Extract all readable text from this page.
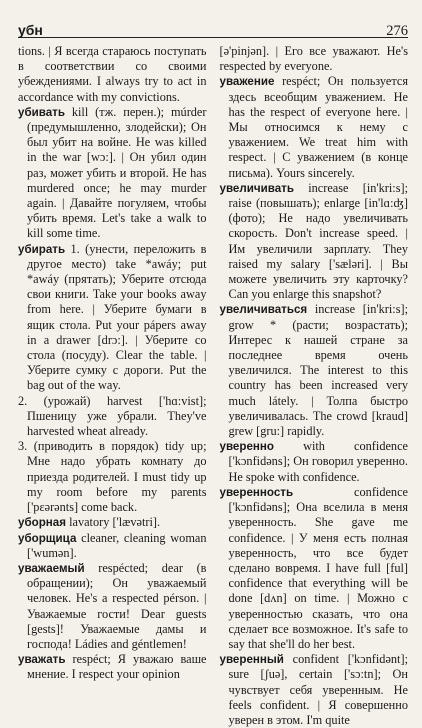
убн	276

tions. | Я всегда стараюсь поступать в соответствии со своими убеждениями. I always try to act in accordance with my convictions.

убивать kill (тж. перен.); múrder (предумышленно, злодейски); Он был убит на войне. He was killed in the war [wɔ:]. | Он убил один раз, может убить и второй. He has murdered once; he may murder again. | Давайте погуляем, чтобы убить время. Let's take a walk to kill some time.

убирать 1. (унести, переложить в другое место) take *awáy; put *awáy (прятать); Уберите отсюда свои книги. Take your books away from here. | Уберите бумаги в ящик стола. Put your pápers away in a drawer [drɔ:]. | Уберите со стола (посуду). Clear the table. | Уберите сумку с дороги. Put the bag out of the way.

2. (урожай) harvest ['hɑ:vist]; Пшеницу уже убрали. They've harvested wheat already.

3. (приводить в порядок) tidy up; Мне надо убрать комнату до приезда родителей. I must tidy up my room before my parents ['pɛərənts] come back.

уборная lavatory ['lævətri].

уборщица cleaner, cleaning woman ['wumən].

уважаемый respécted; dear (в обращении); Он уважаемый человек. He's a respected pérson. | Уважаемые гости! Dear guests [gests]! Уважаемые дамы и господа! Ládies and géntlemen!

уважать respéct; Я уважаю ваше мнение. I respect your opinion

[ə'pinjən]. | Его все уважают. He's respected by everyone.

уважение respéct; Он пользуется здесь всеобщим уважением. He has the respect of everyone here. | Мы относимся к нему с уважением. We treat him with respect. | С уважением (в конце письма). Yours sincerely.

увеличивать increase [in'kri:s]; raise (повышать); enlarge [in'lɑ:ʤ] (фото); Не надо увеличивать скорость. Don't increase speed. | Им увеличили зарплату. They raised my salary ['sæləri]. | Вы можете увеличить эту карточку? Can you enlarge this snapshot?

увеличиваться increase [in'kri:s]; grow * (расти; возрастать); Интерес к нашей стране за последнее время очень увеличился. The interest to this country has been increased very much látely. | Толпа быстро увеличивалась. The crowd [kraud] grew [gru:] rapidly.

уверенно with confidence ['kɔnfidəns]; Он говорил уверенно. He spoke with confidence.

уверенность confidence ['kɔnfidəns]; Она вселила в меня уверенность. She gave me confidence. | У меня есть полная уверенность, что все будет сделано вовремя. I have full [ful] confidence that everything will be done [dʌn] on time. | Можно с уверенностью сказать, что она сделает все возможное. It's safe to say that she'll do her best.

уверенный confident ['kɔnfidənt]; sure [ʃuə], certain ['sɔ:tn]; Он чувствует себя уверенным. He feels confident. | Я совершенно уверен в этом. I'm quite
